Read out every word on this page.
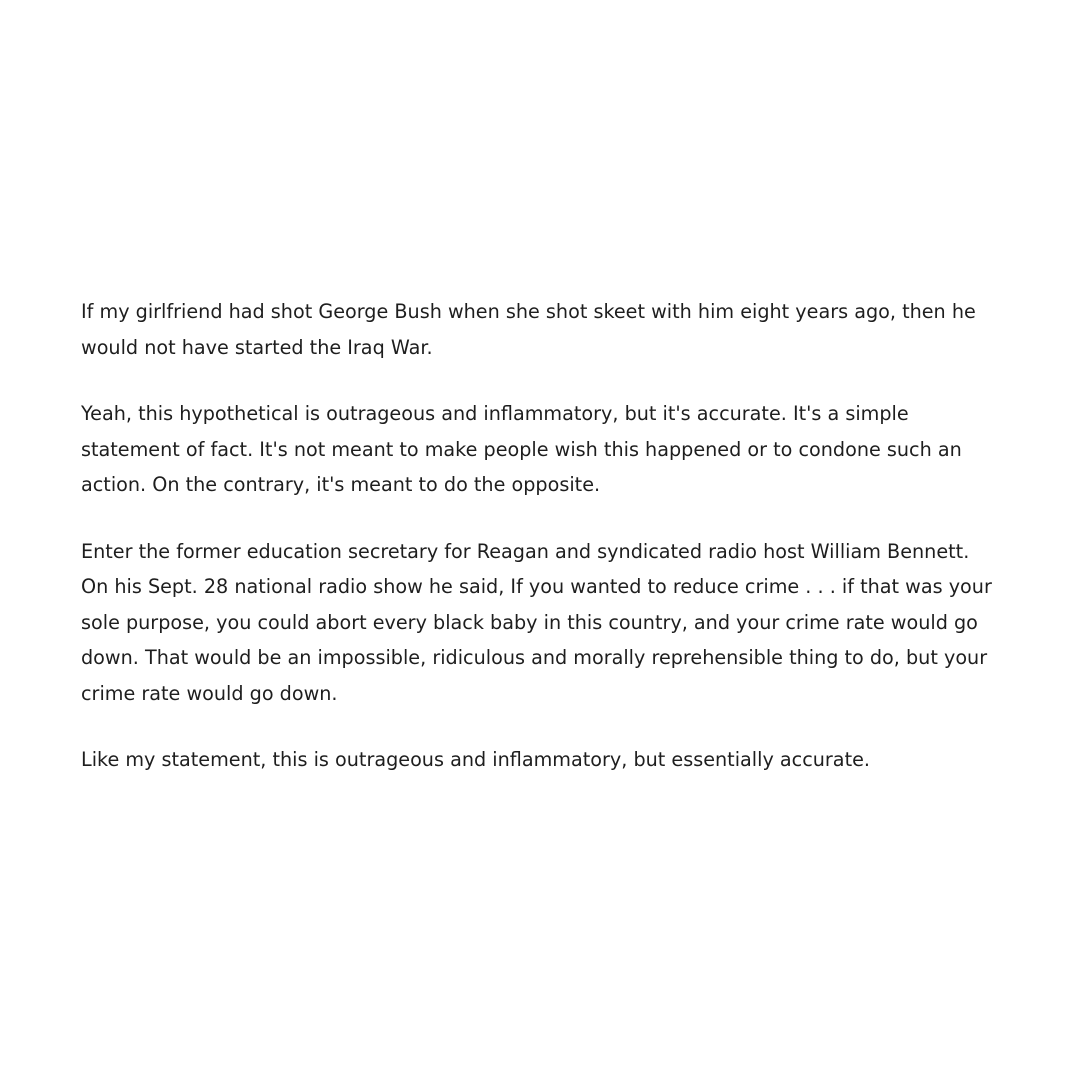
If my girlfriend had shot George Bush when she shot skeet with him eight years ago, then he would not have started the Iraq War.

Yeah, this hypothetical is outrageous and inflammatory, but it's accurate. It's a simple statement of fact. It's not meant to make people wish this happened or to condone such an action. On the contrary, it's meant to do the opposite.

Enter the former education secretary for Reagan and syndicated radio host William Bennett. On his Sept. 28 national radio show he said, If you wanted to reduce crime . . . if that was your sole purpose, you could abort every black baby in this country, and your crime rate would go down. That would be an impossible, ridiculous and morally reprehensible thing to do, but your crime rate would go down.

Like my statement, this is outrageous and inflammatory, but essentially accurate.
